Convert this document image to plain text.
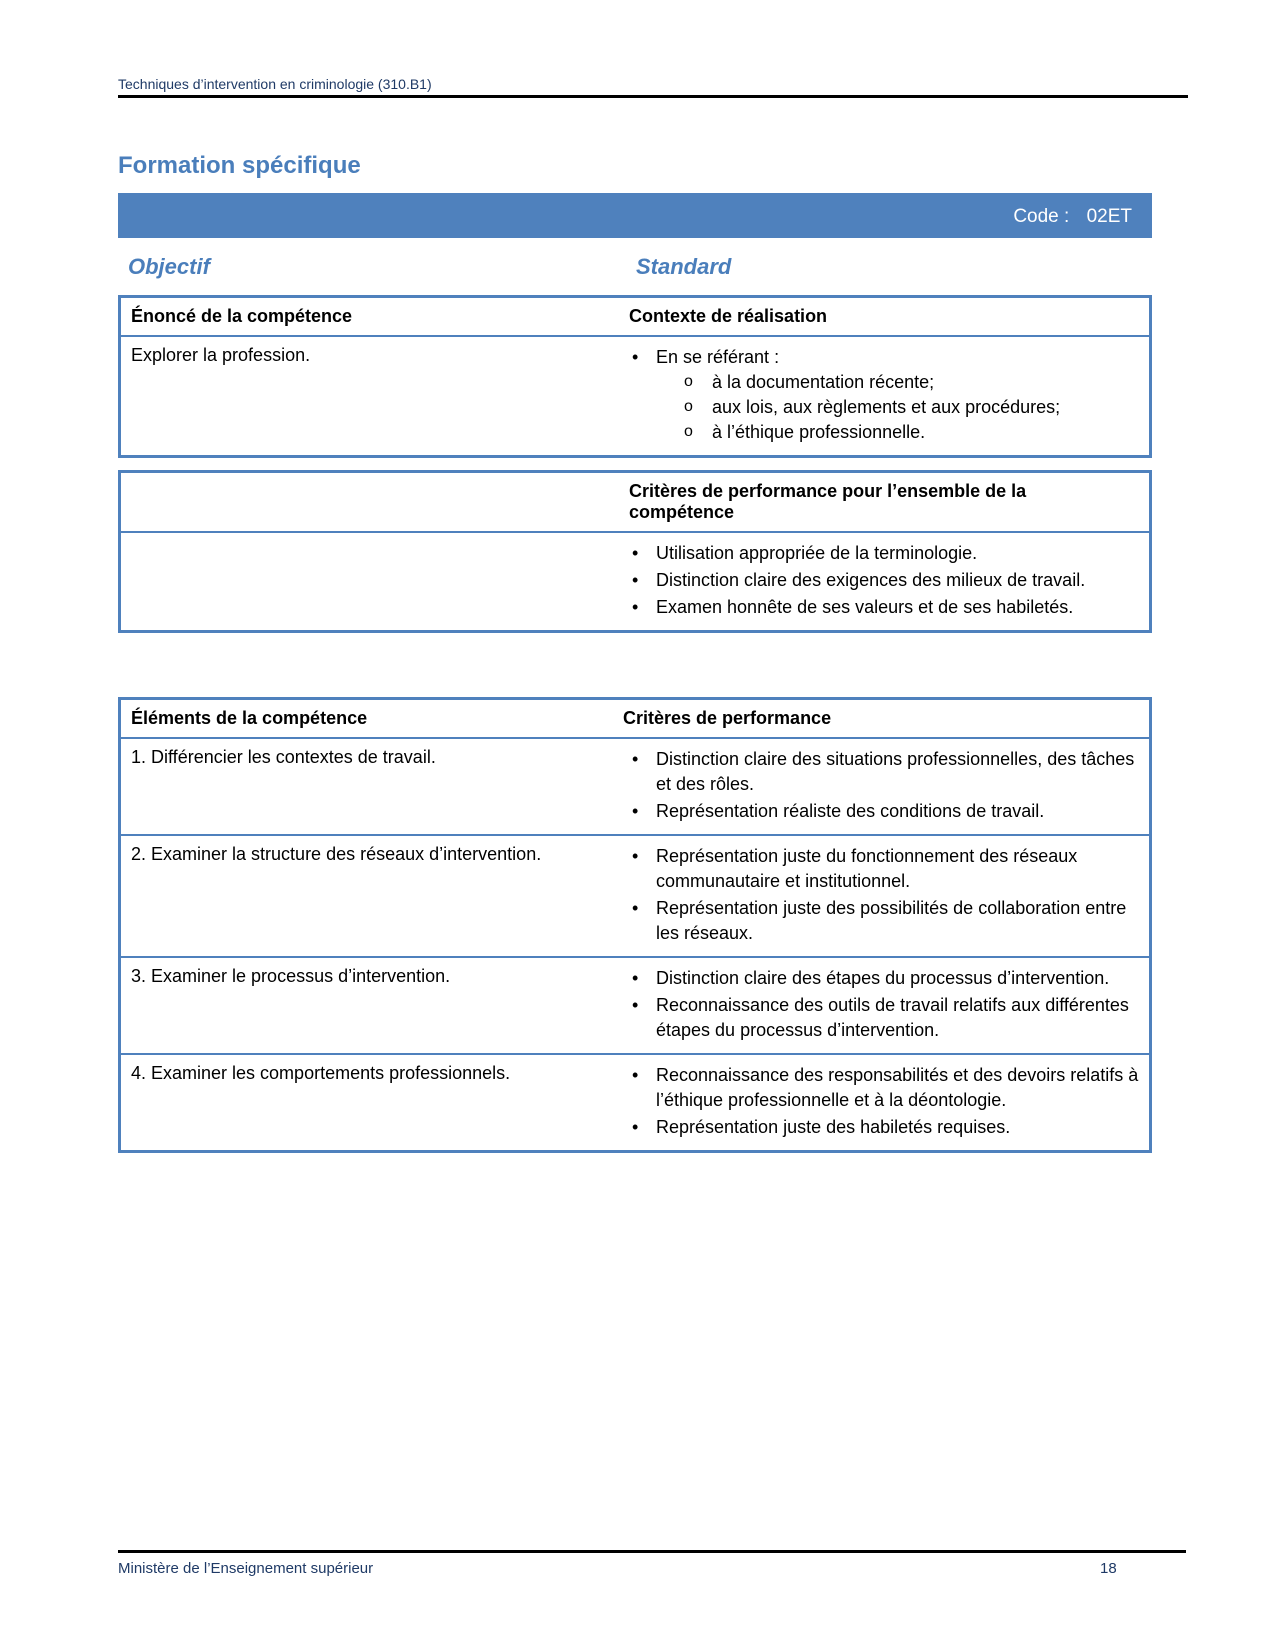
Techniques d’intervention en criminologie (310.B1)
Formation spécifique
Code : 02ET
Objectif	Standard
Énoncé de la compétence	Contexte de réalisation
Explorer la profession.	• En se référant :
o à la documentation récente;
o aux lois, aux règlements et aux procédures;
o à l’éthique professionnelle.
Critères de performance pour l’ensemble de la compétence
• Utilisation appropriée de la terminologie.
• Distinction claire des exigences des milieux de travail.
• Examen honnête de ses valeurs et de ses habiletés.
Éléments de la compétence	Critères de performance
1. Différencier les contextes de travail.	• Distinction claire des situations professionnelles, des tâches et des rôles.
• Représentation réaliste des conditions de travail.
2. Examiner la structure des réseaux d’intervention.	• Représentation juste du fonctionnement des réseaux communautaire et institutionnel.
• Représentation juste des possibilités de collaboration entre les réseaux.
3. Examiner le processus d’intervention.	• Distinction claire des étapes du processus d’intervention.
• Reconnaissance des outils de travail relatifs aux différentes étapes du processus d’intervention.
4. Examiner les comportements professionnels.	• Reconnaissance des responsabilités et des devoirs relatifs à l’éthique professionnelle et à la déontologie.
• Représentation juste des habiletés requises.
Ministère de l’Enseignement supérieur	18
